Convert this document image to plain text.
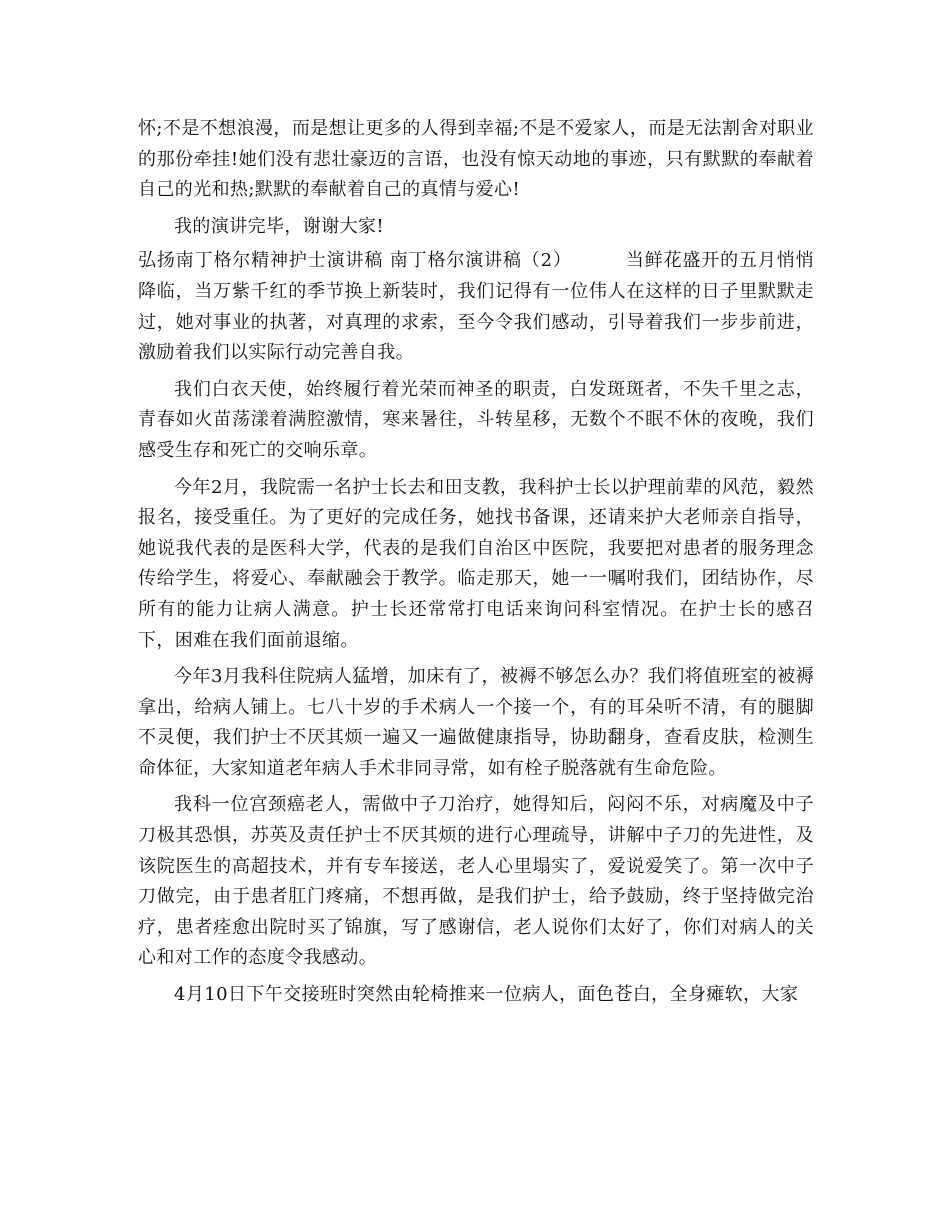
怀;不是不想浪漫，而是想让更多的人得到幸福;不是不爱家人，而是无法割舍对职业的那份牵挂!她们没有悲壮豪迈的言语，也没有惊天动地的事迹，只有默默的奉献着自己的光和热;默默的奉献着自己的真情与爱心!

我的演讲完毕，谢谢大家!

弘扬南丁格尔精神护士演讲稿 南丁格尔演讲稿（2）	当鲜花盛开的五月悄悄降临，当万紫千红的季节换上新装时，我们记得有一位伟人在这样的日子里默默走过，她对事业的执著，对真理的求索，至今令我们感动，引导着我们一步步前进，激励着我们以实际行动完善自我。

我们白衣天使，始终履行着光荣而神圣的职责，白发斑斑者，不失千里之志，青春如火苗荡漾着满腔激情，寒来暑往，斗转星移，无数个不眠不休的夜晚，我们感受生存和死亡的交响乐章。

今年2月，我院需一名护士长去和田支教，我科护士长以护理前辈的风范，毅然报名，接受重任。为了更好的完成任务，她找书备课，还请来护大老师亲自指导，她说我代表的是医科大学，代表的是我们自治区中医院，我要把对患者的服务理念传给学生，将爱心、奉献融会于教学。临走那天，她一一嘱咐我们，团结协作，尽所有的能力让病人满意。护士长还常常打电话来询问科室情况。在护士长的感召下，困难在我们面前退缩。

今年3月我科住院病人猛增，加床有了，被褥不够怎么办？我们将值班室的被褥拿出，给病人铺上。七八十岁的手术病人一个接一个，有的耳朵听不清，有的腿脚不灵便，我们护士不厌其烦一遍又一遍做健康指导，协助翻身，查看皮肤，检测生命体征，大家知道老年病人手术非同寻常，如有栓子脱落就有生命危险。

我科一位宫颈癌老人，需做中子刀治疗，她得知后，闷闷不乐，对病魔及中子刀极其恐惧，苏英及责任护士不厌其烦的进行心理疏导，讲解中子刀的先进性，及该院医生的高超技术，并有专车接送，老人心里塌实了，爱说爱笑了。第一次中子刀做完，由于患者肛门疼痛，不想再做，是我们护士，给予鼓励，终于坚持做完治疗，患者痊愈出院时买了锦旗，写了感谢信，老人说你们太好了，你们对病人的关心和对工作的态度令我感动。

4月10日下午交接班时突然由轮椅推来一位病人，面色苍白，全身瘫软，大家
